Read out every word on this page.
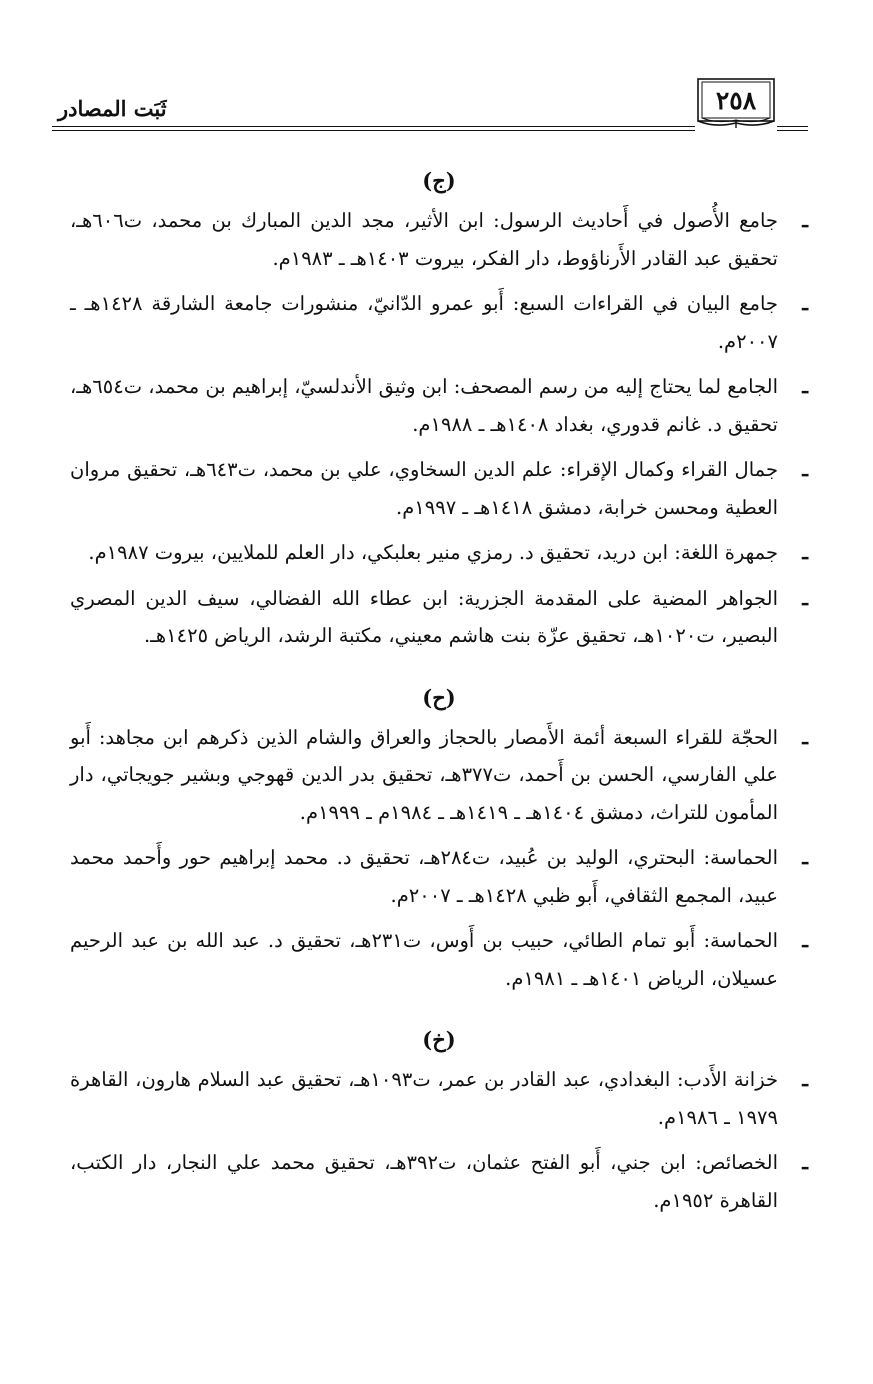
ثَبَت المصادر	٢٥٨
(ج)
ـ
جامع الأُصول في أَحاديث الرسول: ابن الأثير، مجد الدين المبارك بن محمد، ت٦٠٦هـ، تحقيق عبد القادر الأَرناؤوط، دار الفكر، بيروت ١٤٠٣هـ ـ ١٩٨٣م.
ـ
جامع البيان في القراءات السبع: أَبو عمرو الدّانيّ، منشورات جامعة الشارقة ١٤٢٨هـ ـ ٢٠٠٧م.
ـ
الجامع لما يحتاج إليه من رسم المصحف: ابن وثيق الأندلسيّ، إبراهيم بن محمد، ت٦٥٤هـ، تحقيق د. غانم قدوري، بغداد ١٤٠٨هـ ـ ١٩٨٨م.
ـ
جمال القراء وكمال الإقراء: علم الدين السخاوي، علي بن محمد، ت٦٤٣هـ، تحقيق مروان العطية ومحسن خرابة، دمشق ١٤١٨هـ ـ ١٩٩٧م.
ـ
جمهرة اللغة: ابن دريد، تحقيق د. رمزي منير بعلبكي، دار العلم للملايين، بيروت ١٩٨٧م.
ـ
الجواهر المضية على المقدمة الجزرية: ابن عطاء الله الفضالي، سيف الدين المصري البصير، ت١٠٢٠هـ، تحقيق عزّة بنت هاشم معيني، مكتبة الرشد، الرياض ١٤٢٥هـ.
(ح)
ـ
الحجّة للقراء السبعة أئمة الأَمصار بالحجاز والعراق والشام الذين ذكرهم ابن مجاهد: أَبو علي الفارسي، الحسن بن أَحمد، ت٣٧٧هـ، تحقيق بدر الدين قهوجي وبشير جويجاتي، دار المأمون للتراث، دمشق ١٤٠٤هـ ـ ١٤١٩هـ ـ ١٩٨٤م ـ ١٩٩٩م.
ـ
الحماسة: البحتري، الوليد بن عُبيد، ت٢٨٤هـ، تحقيق د. محمد إبراهيم حور وأَحمد محمد عبيد، المجمع الثقافي، أَبو ظبي ١٤٢٨هـ ـ ٢٠٠٧م.
ـ
الحماسة: أَبو تمام الطائي، حبيب بن أَوس، ت٢٣١هـ، تحقيق د. عبد الله بن عبد الرحيم عسيلان، الرياض ١٤٠١هـ ـ ١٩٨١م.
(خ)
ـ
خزانة الأَدب: البغدادي، عبد القادر بن عمر، ت١٠٩٣هـ، تحقيق عبد السلام هارون، القاهرة ١٩٧٩ ـ ١٩٨٦م.
ـ
الخصائص: ابن جني، أَبو الفتح عثمان، ت٣٩٢هـ، تحقيق محمد علي النجار، دار الكتب، القاهرة ١٩٥٢م.
